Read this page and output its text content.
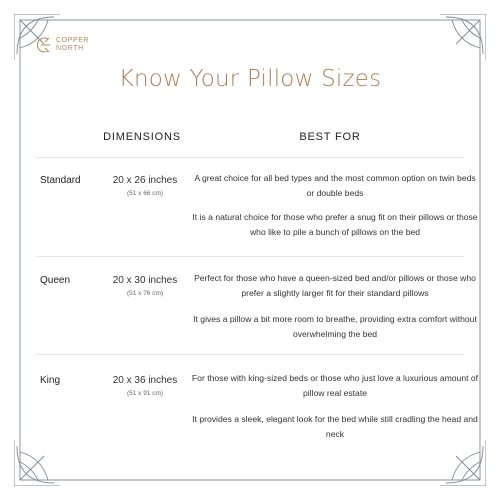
COPPER
NORTH
Know Your Pillow Sizes
DIMENSIONS	BEST FOR
Standard	20 x 26 inches
(51 x 66 cm)
A great choice for all bed types and the most common option on twin beds or double beds
It is a natural choice for those who prefer a snug fit on their pillows or those who like to pile a bunch of pillows on the bed
Queen	20 x 30 inches
(51 x 76 cm)
Perfect for those who have a queen-sized bed and/or pillows or those who prefer a slightly larger fit for their standard pillows
It gives a pillow a bit more room to breathe, providing extra comfort without overwhelming the bed
King	20 x 36 inches
(51 x 91 cm)
For those with king-sized beds or those who just love a luxurious amount of pillow real estate
It provides a sleek, elegant look for the bed while still cradling the head and neck
